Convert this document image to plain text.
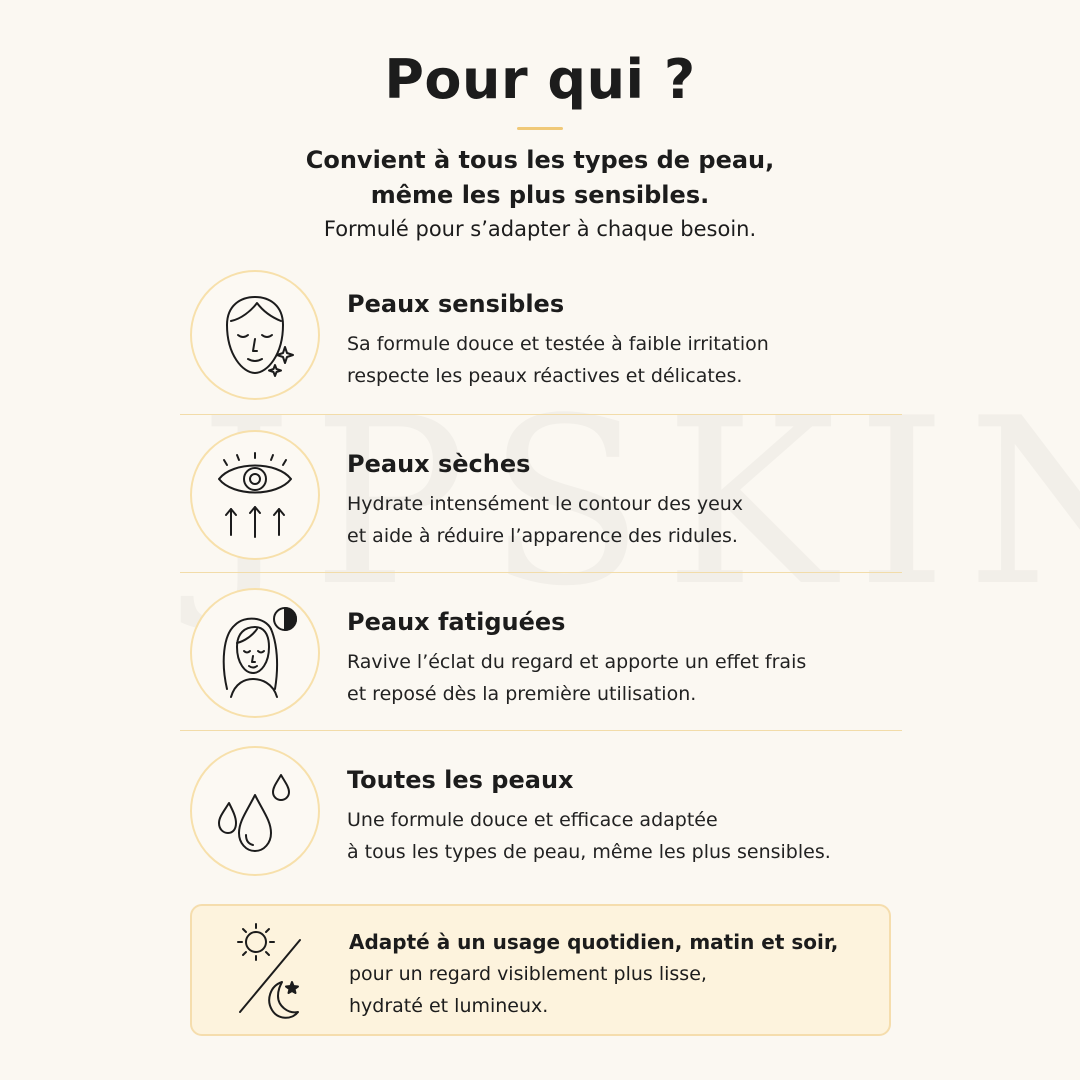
Pour qui ?
Convient à tous les types de peau,
même les plus sensibles.
Formulé pour s’adapter à chaque besoin.
Peaux sensibles
Sa formule douce et testée à faible irritation
respecte les peaux réactives et délicates.
Peaux sèches
Hydrate intensément le contour des yeux
et aide à réduire l’apparence des ridules.
Peaux fatiguées
Ravive l’éclat du regard et apporte un effet frais
et reposé dès la première utilisation.
Toutes les peaux
Une formule douce et efficace adaptée
à tous les types de peau, même les plus sensibles.
Adapté à un usage quotidien, matin et soir,
pour un regard visiblement plus lisse,
hydraté et lumineux.
